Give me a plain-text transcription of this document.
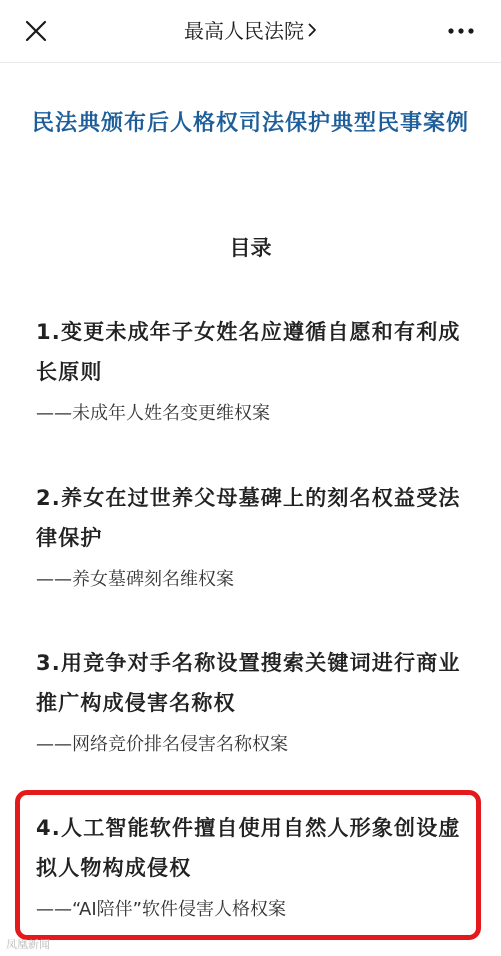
最高人民法院
民法典颁布后人格权司法保护典型民事案例
目录
1.变更未成年子女姓名应遵循自愿和有利成长原则
——未成年人姓名变更维权案
2.养女在过世养父母墓碑上的刻名权益受法律保护
——养女墓碑刻名维权案
3.用竞争对手名称设置搜索关键词进行商业推广构成侵害名称权
——网络竞价排名侵害名称权案
4.人工智能软件擅自使用自然人形象创设虚拟人物构成侵权
——“AI陪伴”软件侵害人格权案
凤凰新闻
